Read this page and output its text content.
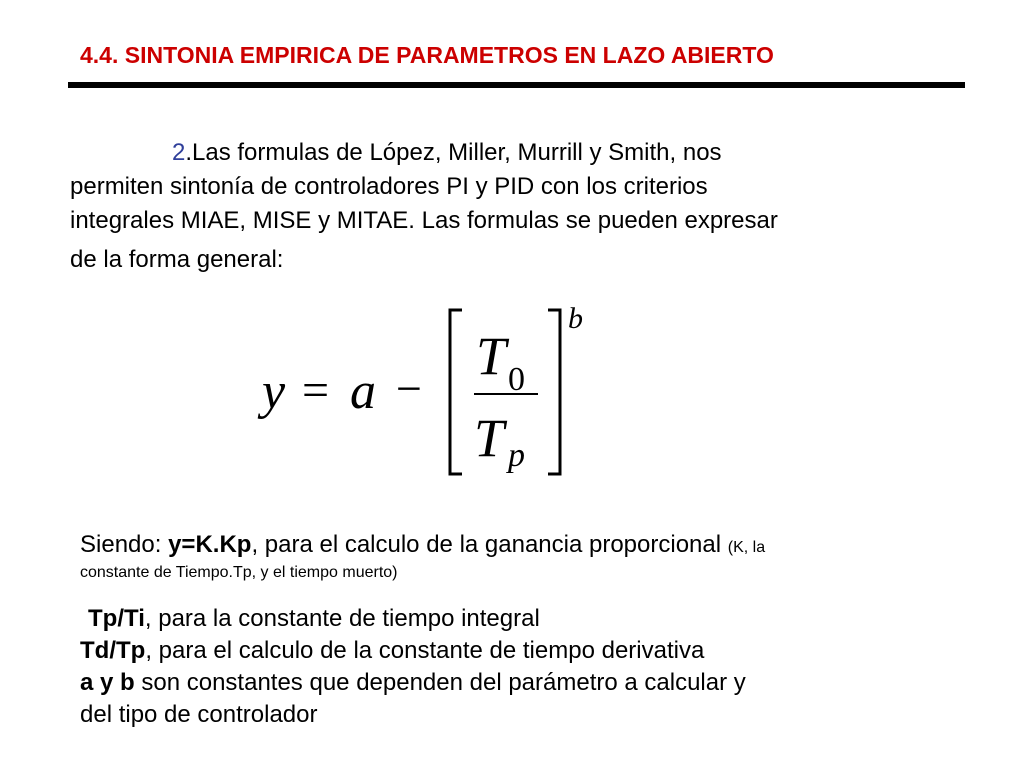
4.4. SINTONIA EMPIRICA DE PARAMETROS EN LAZO ABIERTO
2.Las formulas de López, Miller, Murrill y Smith, nos
permiten sintonía de controladores PI y PID con los criterios
integrales MIAE, MISE y MITAE. Las formulas se pueden expresar
de la forma general:
y = a −
T 0
T p
b
Siendo: y=K.Kp, para el calculo de la ganancia proporcional (K, la
constante de Tiempo.Tp, y el tiempo muerto)
Tp/Ti, para la constante de tiempo integral
Td/Tp, para el calculo de la constante de tiempo derivativa
a y b son constantes que dependen del parámetro a calcular y
del tipo de controlador
